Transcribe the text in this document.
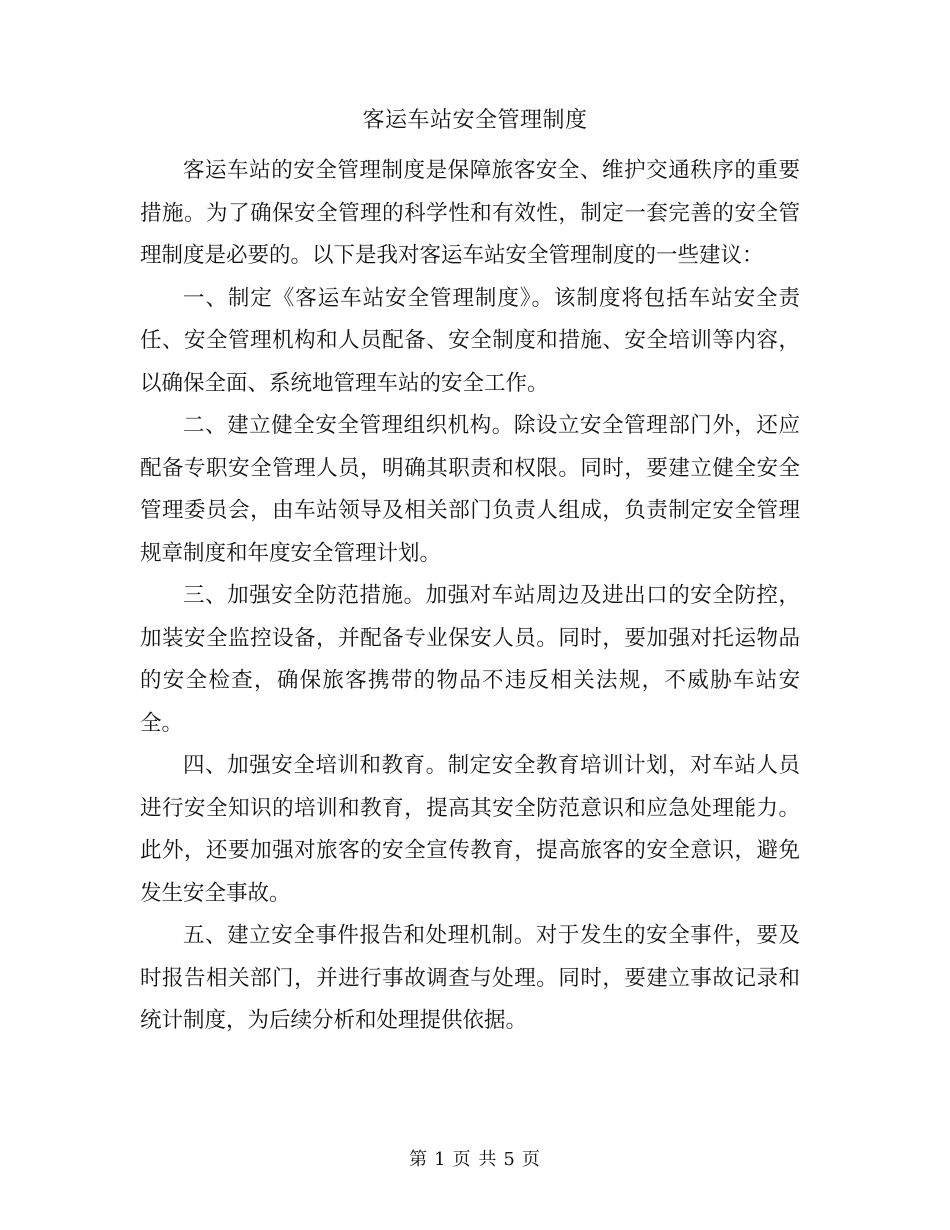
客运车站安全管理制度

客运车站的安全管理制度是保障旅客安全、维护交通秩序的重要措施。为了确保安全管理的科学性和有效性，制定一套完善的安全管理制度是必要的。以下是我对客运车站安全管理制度的一些建议：

一、制定《客运车站安全管理制度》。该制度将包括车站安全责任、安全管理机构和人员配备、安全制度和措施、安全培训等内容，以确保全面、系统地管理车站的安全工作。

二、建立健全安全管理组织机构。除设立安全管理部门外，还应配备专职安全管理人员，明确其职责和权限。同时，要建立健全安全管理委员会，由车站领导及相关部门负责人组成，负责制定安全管理规章制度和年度安全管理计划。

三、加强安全防范措施。加强对车站周边及进出口的安全防控，加装安全监控设备，并配备专业保安人员。同时，要加强对托运物品的安全检查，确保旅客携带的物品不违反相关法规，不威胁车站安全。

四、加强安全培训和教育。制定安全教育培训计划，对车站人员进行安全知识的培训和教育，提高其安全防范意识和应急处理能力。此外，还要加强对旅客的安全宣传教育，提高旅客的安全意识，避免发生安全事故。

五、建立安全事件报告和处理机制。对于发生的安全事件，要及时报告相关部门，并进行事故调查与处理。同时，要建立事故记录和统计制度，为后续分析和处理提供依据。

第 1 页 共 5 页
